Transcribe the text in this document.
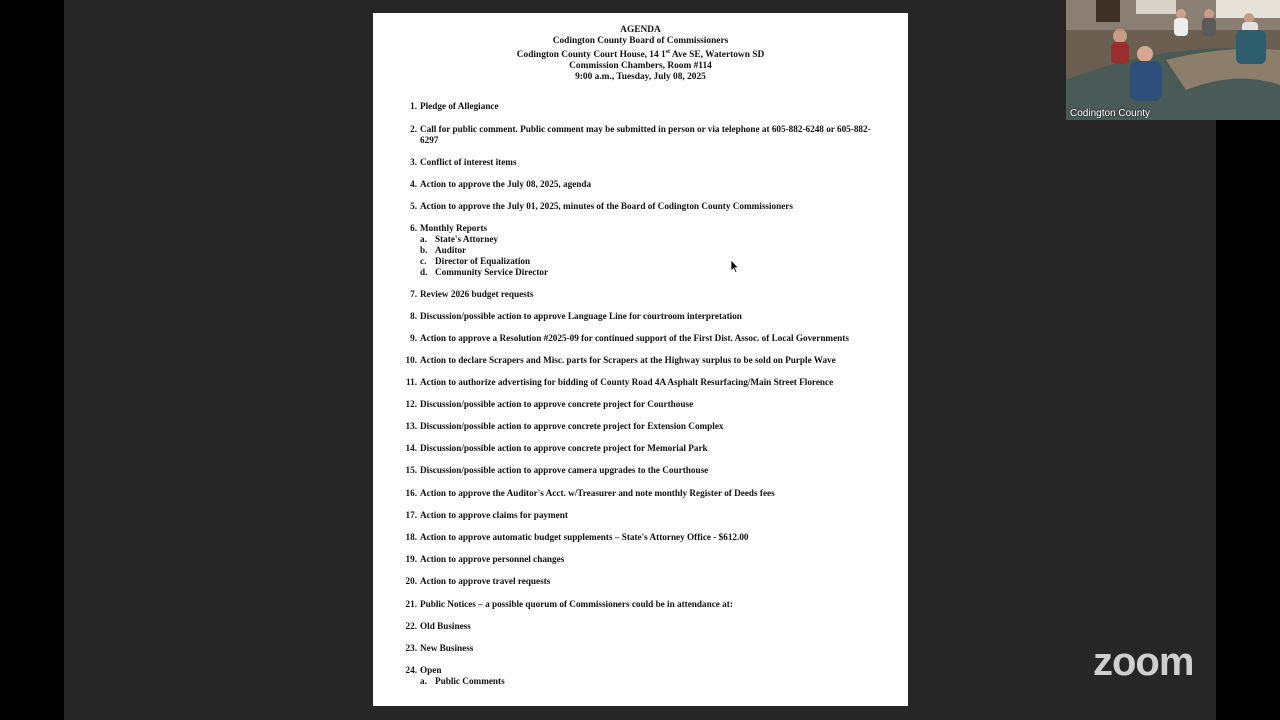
AGENDA
Codington County Board of Commissioners
Codington County Court House, 14 1st Ave SE, Watertown SD
Commission Chambers, Room #114
9:00 a.m., Tuesday, July 08, 2025
1. Pledge of Allegiance
2. Call for public comment. Public comment may be submitted in person or via telephone at 605-882-6248 or 605-882-6297
3. Conflict of interest items
4. Action to approve the July 08, 2025, agenda
5. Action to approve the July 01, 2025, minutes of the Board of Codington County Commissioners
6. Monthly Reports
a. State's Attorney
b. Auditor
c. Director of Equalization
d. Community Service Director
7. Review 2026 budget requests
8. Discussion/possible action to approve Language Line for courtroom interpretation
9. Action to approve a Resolution #2025-09 for continued support of the First Dist. Assoc. of Local Governments
10. Action to declare Scrapers and Misc. parts for Scrapers at the Highway surplus to be sold on Purple Wave
11. Action to authorize advertising for bidding of County Road 4A Asphalt Resurfacing/Main Street Florence
12. Discussion/possible action to approve concrete project for Courthouse
13. Discussion/possible action to approve concrete project for Extension Complex
14. Discussion/possible action to approve concrete project for Memorial Park
15. Discussion/possible action to approve camera upgrades to the Courthouse
16. Action to approve the Auditor's Acct. w/Treasurer and note monthly Register of Deeds fees
17. Action to approve claims for payment
18. Action to approve automatic budget supplements – State's Attorney Office - $612.00
19. Action to approve personnel changes
20. Action to approve travel requests
21. Public Notices – a possible quorum of Commissioners could be in attendance at:
22. Old Business
23. New Business
24. Open
a. Public Comments
Codington County
zoom
